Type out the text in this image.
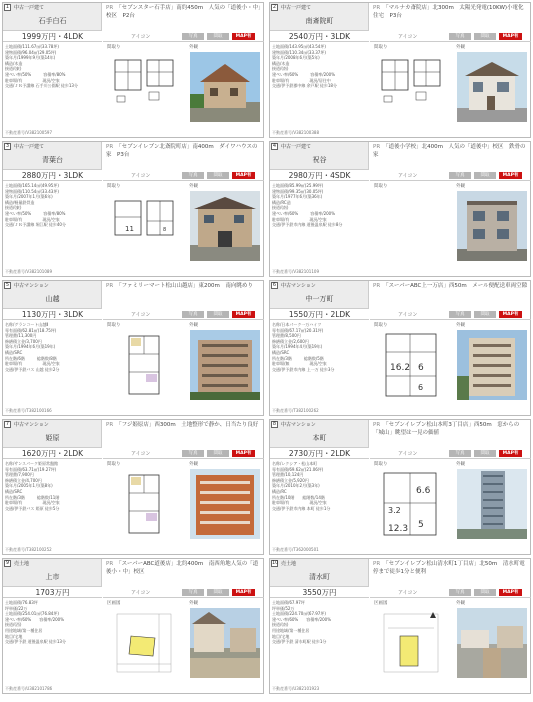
1 中古一戸建て
石手白石
1999万円・4LDK
PR 「セブンスター石手店」南約450m　人気の「道後小・中」校区　P2台
アイコン	写真	間取	MAP有
土地面積/111.67㎡(33.78坪)
建物面積/96.04㎡(29.05坪)
築年月/1999年9月(築14年)
構造/木造
接道/(東)
建ぺい率/50%　　　容積率/80%
駐車場/有　　　　　現況/空家
交通/ＪＲ予讃線 石手川公園駅 徒歩13分
間取り	外観
不動産番号/V382100597
2 中古一戸建て
南斎院町
2540万円・3LDK
PR 「マルナカ斎院店」北300m　太陽光発電(10KW)小電化住宅　P3台
アイコン	写真	間取	MAP有
土地面積/143.95㎡(43.54坪)
建物面積/110.34㎡(33.37坪)
築年月/2008年6月(築5年)
構造/木造
接道/(南)
建ぺい率/60%　　　容積率/200%
駐車場/有　　　　　現況/居住中
交通/伊予鉄郡中線 余戸駅 徒歩18分
間取り	外観
不動産番号/V382100388
3 中古一戸建て
青葉台
2880万円・3LDK
PR 「セブンイレブン北斎院町店」南400m　ダイワハウスの家　P3台
アイコン	写真	間取	MAP有
土地面積/165.14㎡(49.95坪)
建物面積/110.54㎡(33.43坪)
築年月/2007年1月(築6年)
構造/軽量鉄骨造
接道/(東)
建ぺい率/50%　　　容積率/80%
駐車場/有　　　　　現況/空家
交通/ＪＲ予讃線 堀江駅 徒歩40分
間取り	外観
11	8
不動産番号/V382101089
4 中古一戸建て
祝谷
2980万円・4SDK
PR 「道後小学校」北400m　人気の「道後中」校区　鉄骨の家
アイコン	写真	間取	MAP有
土地面積/85.99㎡(25.99坪)
建物面積/99.35㎡(30.05坪)
築年月/1977年6月(築36年)
構造/RC造
接道/(南)
建ぺい率/60%　　　容積率/200%
駐車場/有　　　　　現況/空家
交通/伊予鉄市内線 道後温泉駅 徒歩8分
間取り	外観
不動産番号/V382101109
5 中古マンション
山越
1130万円・3LDK
PR 「ファミリーマート松山山越店」東200m　南向眺めり
アイコン	写真	間取	MAP有
名称/グランコート山越Ⅱ
専有面積/62.81㎡(18.75坪)
管理費/11,300円
修繕積立金/3,700円
築年月/1994年6月(築19年)
構造/SRC
所在階/6階　　　総階数/8階
駐車場/有　　　　　現況/空家
交通/伊予鉄バス 山越 徒歩2分
間取り	外観
不動産番号/T382100166
6 中古マンション
中一万町
1550万円・2LDK
PR 「スーパーABC上一万店」西50m　メール便配送車両空隙
アイコン	写真	間取	MAP有
名称/日本パーク一万ハイツ
専有面積/67.17㎡(20.31坪)
管理費/8,500円
修繕積立金/2,600円
築年月/1994年4月(築19年)
構造/SRC
所在階/3階　　　総階数/5階
駐車場/無　　　　　現況/空家
交通/伊予鉄市内線 上一万 徒歩3分
間取り	外観
16.2 6
6
不動産番号/T382100262
7 中古マンション
姫原
1620万円・2LDK
PR 「フジ姫原店」西300m　土地整形で静か、日当たり良好
アイコン	写真	間取	MAP有
名称/サンスパーク姫原常盤館
専有面積/63.71㎡(19.27坪)
管理費/7,900円
修繕積立金/4,700円
築年月/2005年1月(築8年)
構造/SRC
所在階/3階　　　総階数/11階
駐車場/有　　　　　現況/空家
交通/伊予鉄バス 姫原 徒歩5分
間取り	外観
不動産番号/T382100252
8 中古マンション
本町
2730万円・2LDK
PR 「セブンイレブン松山本町3丁目店」西50m　窓からの「城山」眺望は一見の価値
アイコン	写真	間取	MAP有
名称/レクシア・松山本町
専有面積/69.62㎡(21.06坪)
管理費/10,124円
修繕積立金/5,920円
築年月/2010年2月(築3年)
構造/RC
所在階/10階　　総階数/14階
駐車場/有　　　　　現況/空家
交通/伊予鉄市内線 本町 徒歩1分
間取り	外観
6.6
3.2
12.3 5
不動産番号/T362000501
9 売土地
上市
1703万円
PR 「スーパーABC道後店」北約400m　南西角地人気の「道後小・中」校区
アイコン	写真	間取	MAP有
土地面積/76.83坪
坪単価/22万
土地面積/254.01㎡(76.84坪)
建ぺい率/60%　　容積率/200%
接道/(西)
用途地域/第一種住居
地目/宅地
交通/伊予鉄 道後温泉駅 徒歩13分
区画図	外観
不動産番号/U382101786
10 売土地
清水町
3550万円
PR 「セブンイレブン松山清水町1丁目店」北50m　清水町電停まで徒歩1分と便利
アイコン	写真	間取	MAP有
土地面積/67.97坪
坪単価/52万
土地面積/224.70㎡(67.97坪)
建ぺい率/60%　　容積率/200%
接道/(南)
用途地域/第一種住居
地目/宅地
交通/伊予鉄 清水町駅 徒歩1分
区画図	外観
不動産番号/U382101923
